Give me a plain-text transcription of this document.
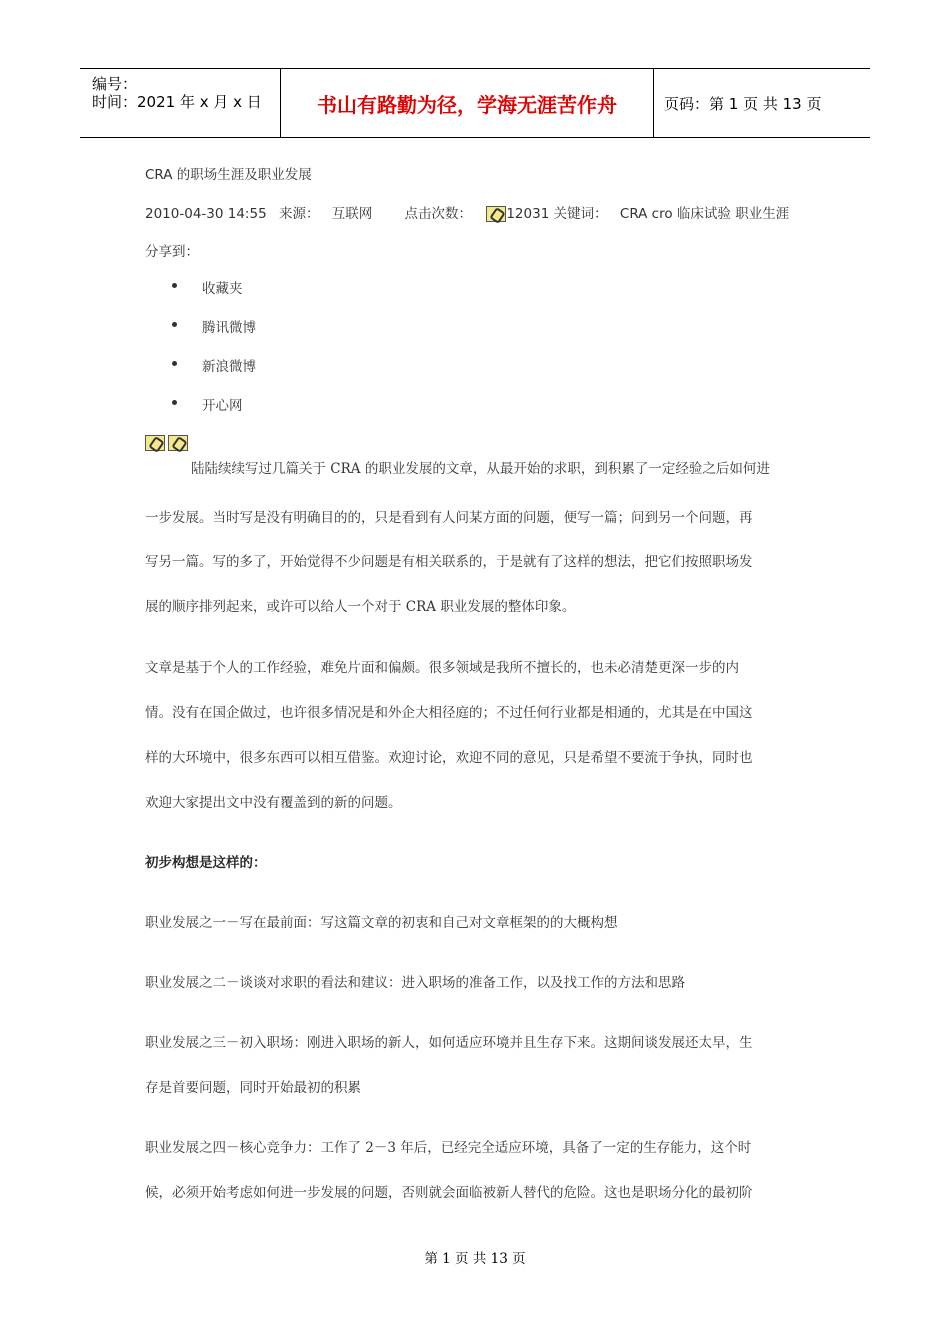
编号：
时间：2021 年 x 月 x 日	书山有路勤为径，学海无涯苦作舟	页码：第 1 页 共 13 页
CRA 的职场生涯及职业发展
2010-04-30 14:55 来源： 互联网 点击次数：	12031 关键词： CRA cro 临床试验 职业生涯
分享到：
收藏夹
腾讯微博
新浪微博
开心网
陆陆续续写过几篇关于 CRA 的职业发展的文章，从最开始的求职，到积累了一定经验之后如何进
一步发展。当时写是没有明确目的的，只是看到有人问某方面的问题，便写一篇；问到另一个问题，再
写另一篇。写的多了，开始觉得不少问题是有相关联系的，于是就有了这样的想法，把它们按照职场发
展的顺序排列起来，或许可以给人一个对于 CRA 职业发展的整体印象。
文章是基于个人的工作经验，难免片面和偏颇。很多领域是我所不擅长的，也未必清楚更深一步的内
情。没有在国企做过，也许很多情况是和外企大相径庭的；不过任何行业都是相通的，尤其是在中国这
样的大环境中，很多东西可以相互借鉴。欢迎讨论，欢迎不同的意见，只是希望不要流于争执，同时也
欢迎大家提出文中没有覆盖到的新的问题。
初步构想是这样的：
职业发展之一－写在最前面：写这篇文章的初衷和自己对文章框架的的大概构想
职业发展之二－谈谈对求职的看法和建议：进入职场的准备工作，以及找工作的方法和思路
职业发展之三－初入职场：刚进入职场的新人，如何适应环境并且生存下来。这期间谈发展还太早，生
存是首要问题，同时开始最初的积累
职业发展之四－核心竞争力：工作了 2－3 年后，已经完全适应环境，具备了一定的生存能力，这个时
候，必须开始考虑如何进一步发展的问题，否则就会面临被新人替代的危险。这也是职场分化的最初阶
第 1 页 共 13 页
